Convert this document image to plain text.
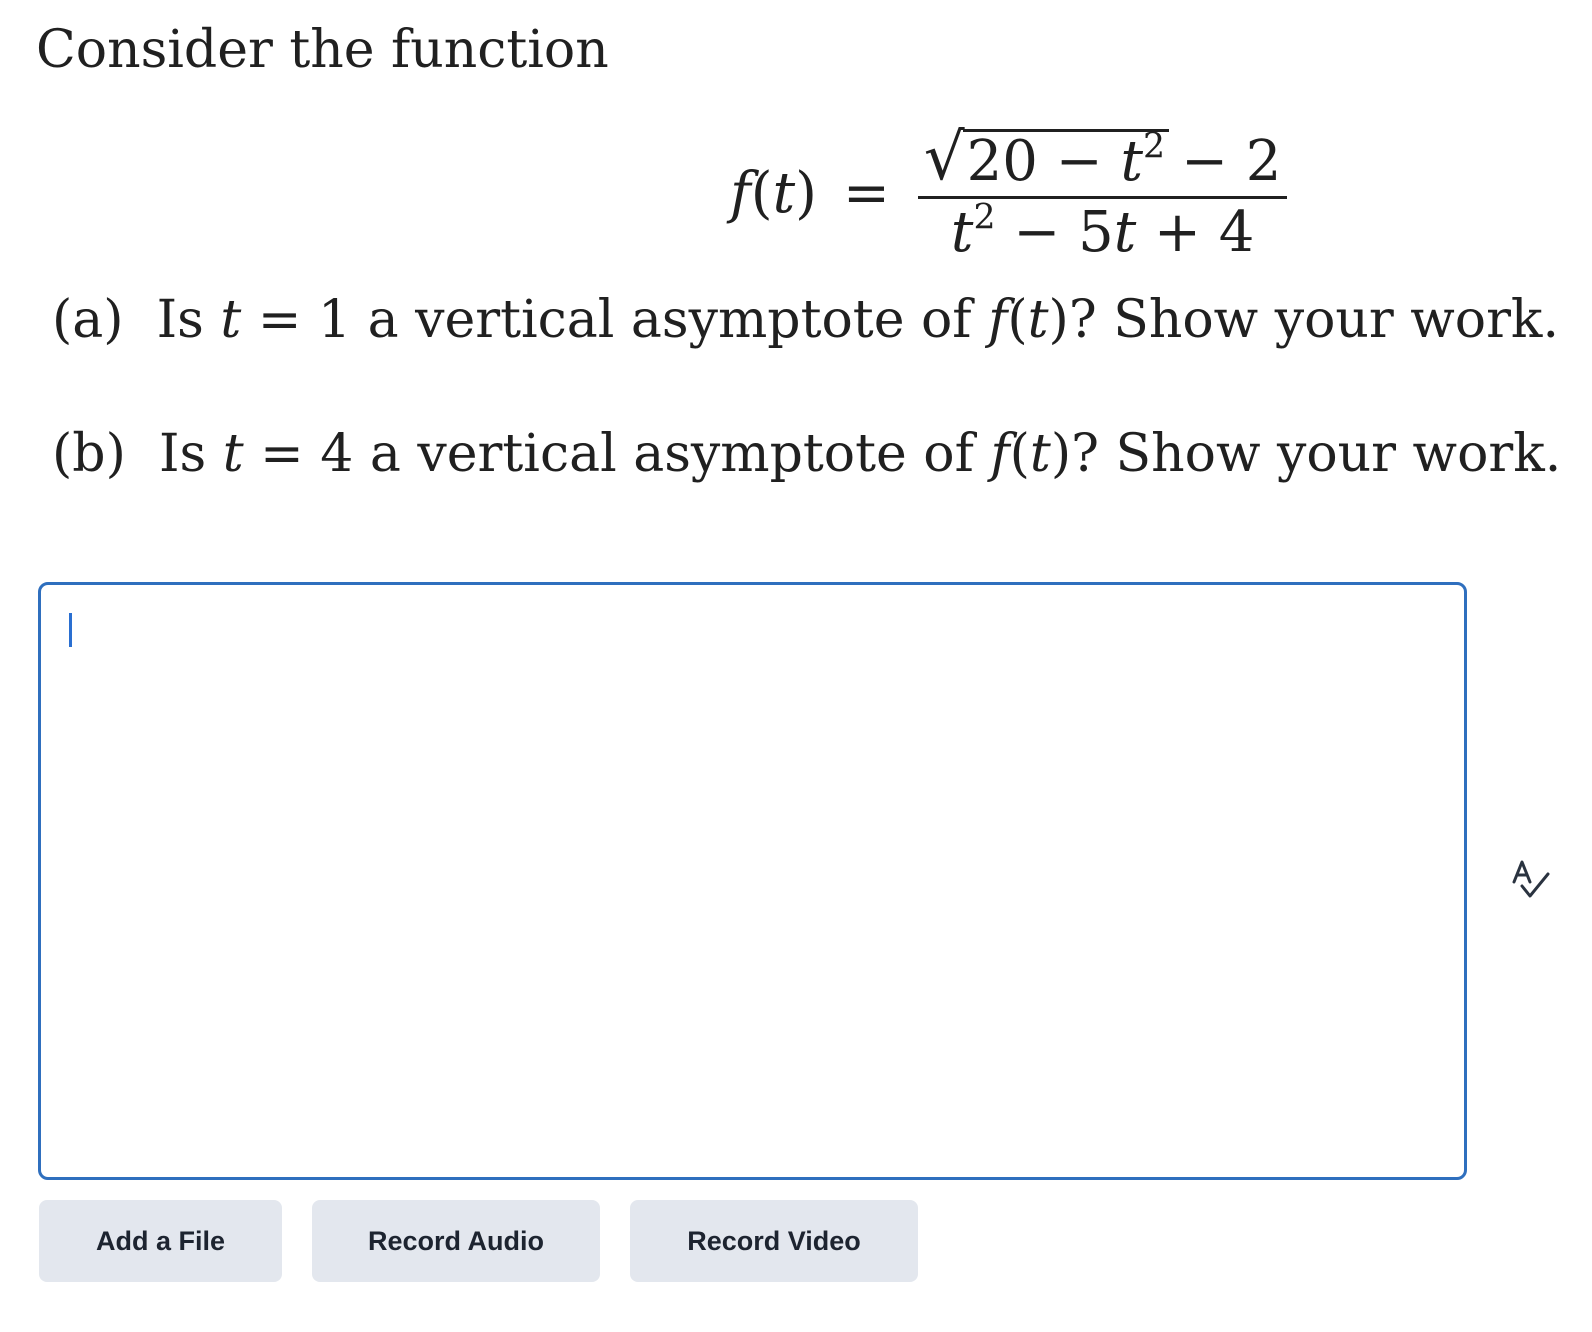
Consider the function

$f(t) = \frac{√ 20 - t^2 - 2}{t^2 - 5t + 4}$

(a) Is t = 1 a vertical asymptote of f(t)? Show your work.

(b) Is t = 4 a vertical asymptote of f(t)? Show your work.

Add a File	Record Audio	Record Video
